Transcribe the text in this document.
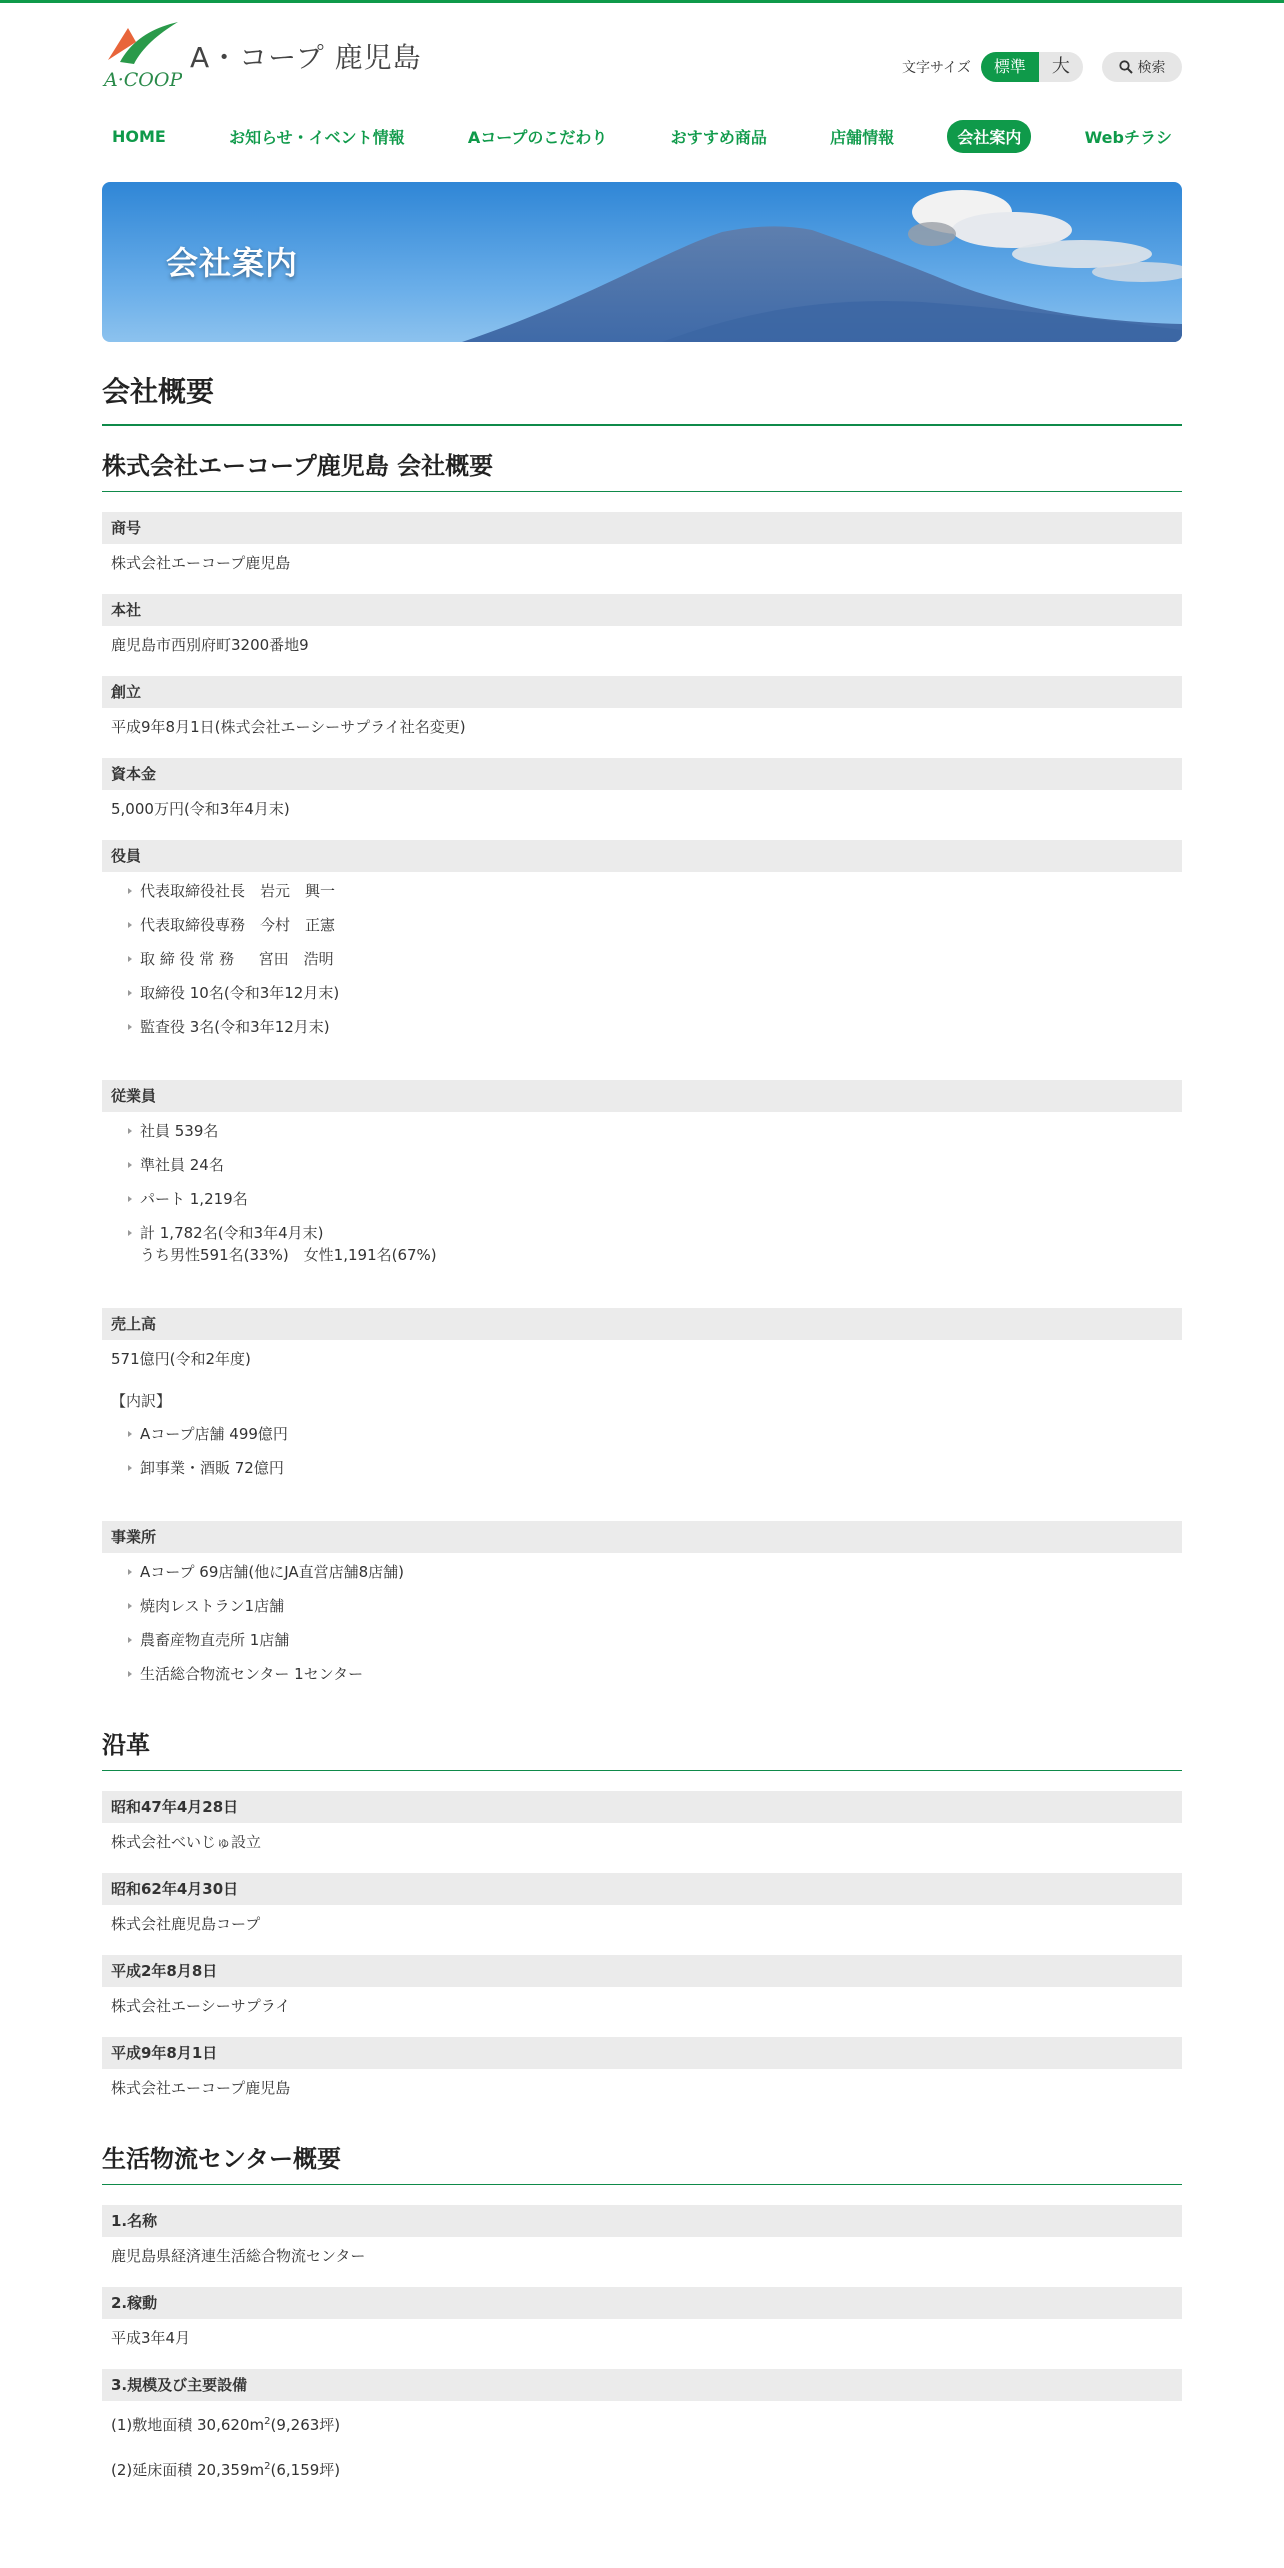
A·COOP
A・コープ 鹿児島	文字サイズ	標準	大	検索
HOME	お知らせ・イベント情報	Aコープのこだわり	おすすめ商品	店舗情報	会社案内	Webチラシ
会社案内
会社概要
株式会社エーコープ鹿児島 会社概要
商号
株式会社エーコープ鹿児島
本社
鹿児島市西別府町3200番地9
創立
平成9年8月1日(株式会社エーシーサプライ社名変更)
資本金
5,000万円(令和3年4月末)
役員
代表取締役社長　岩元　興一
代表取締役専務　今村　正憲
取 締 役 常 務 　 宮田　浩明
取締役 10名(令和3年12月末)
監査役 3名(令和3年12月末)
従業員
社員 539名
準社員 24名
パート 1,219名
計 1,782名(令和3年4月末)
うち男性591名(33%)　女性1,191名(67%)
売上高
571億円(令和2年度)
【内訳】
Aコープ店舗 499億円
卸事業・酒販 72億円
事業所
Aコープ 69店舗(他にJA直営店舗8店舗)
焼肉レストラン1店舗
農畜産物直売所 1店舗
生活総合物流センター 1センター
沿革
昭和47年4月28日
株式会社べいじゅ設立
昭和62年4月30日
株式会社鹿児島コープ
平成2年8月8日
株式会社エーシーサプライ
平成9年8月1日
株式会社エーコープ鹿児島
生活物流センター概要
1.名称
鹿児島県経済連生活総合物流センター
2.稼動
平成3年4月
3.規模及び主要設備
(1)敷地面積 $30,620m^2(9,263$坪)
(2)延床面積 $20,359m^2(6,159$坪)
